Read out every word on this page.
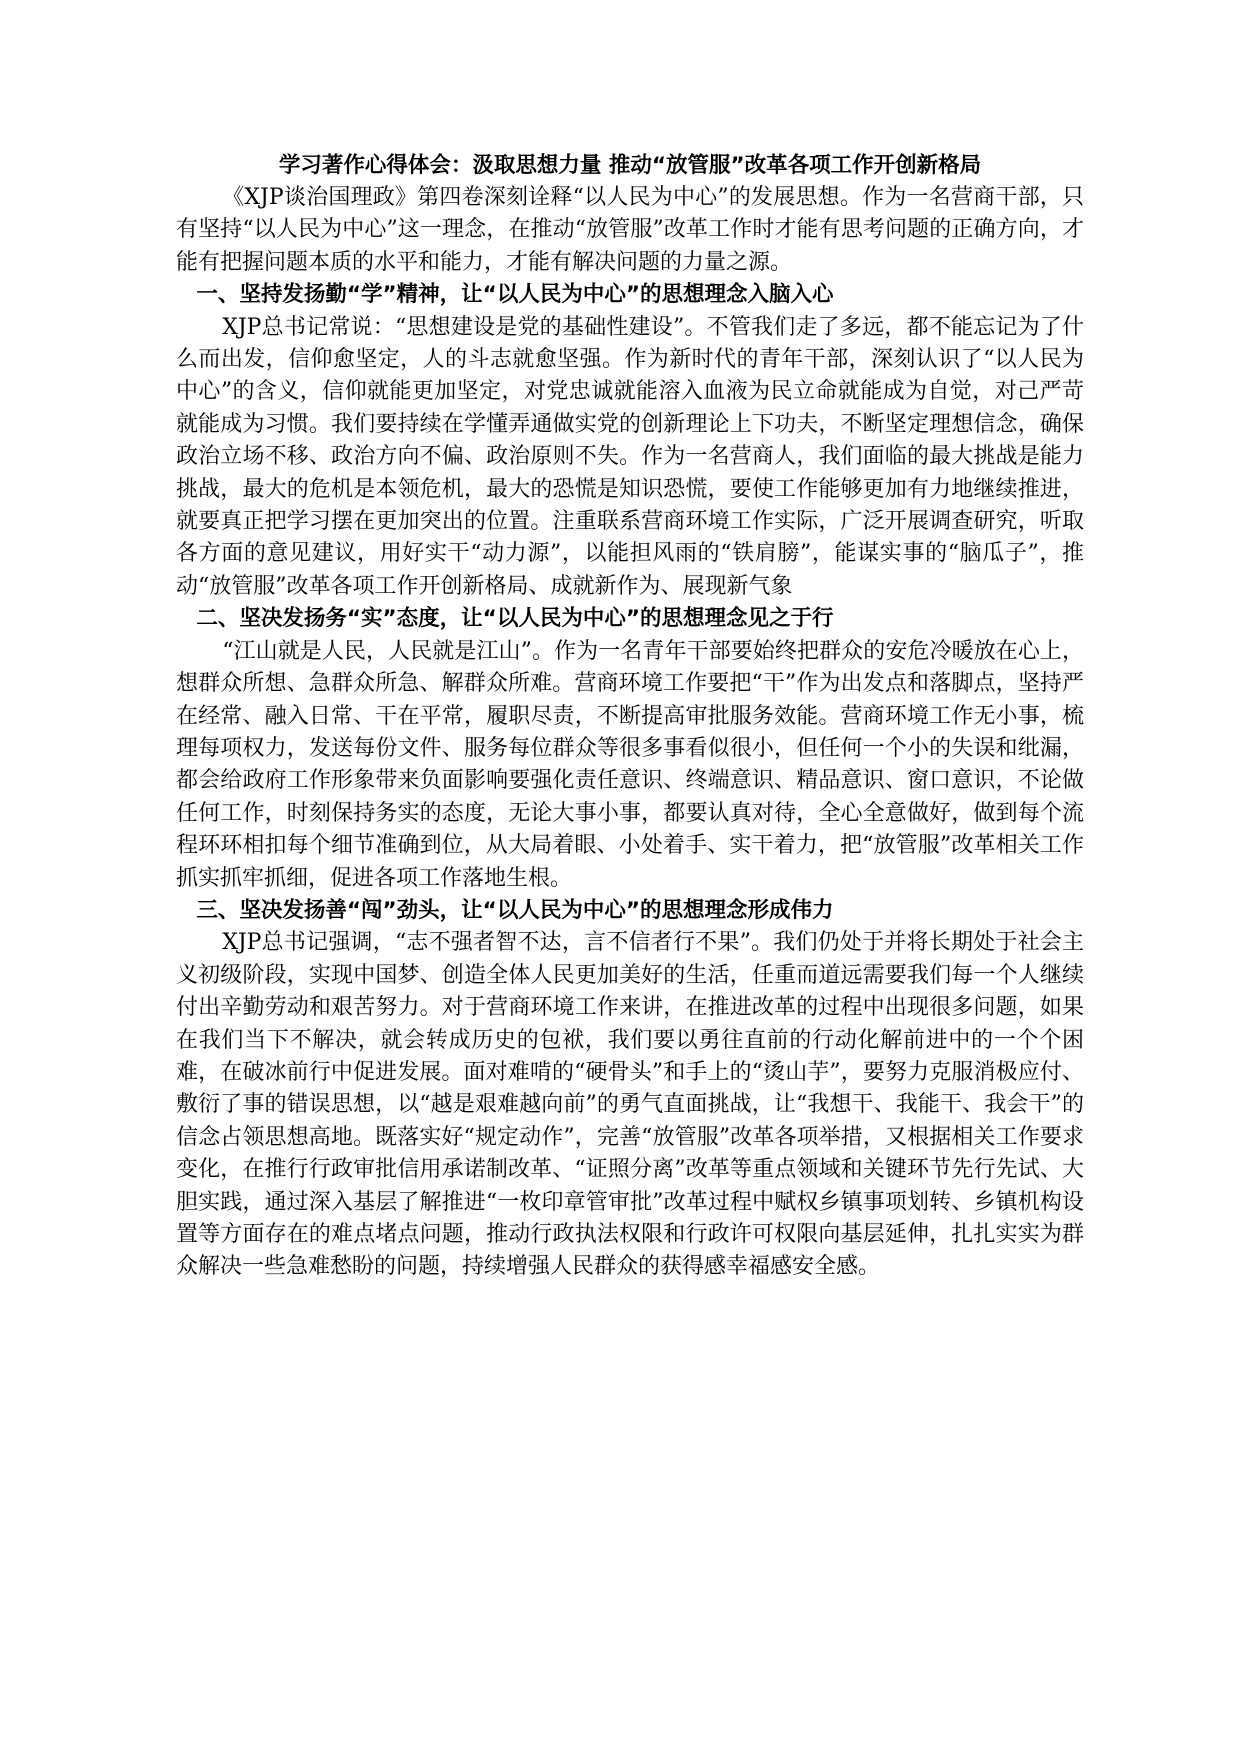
学习著作心得体会：汲取思想力量 推动“放管服”改革各项工作开创新格局

《XJP谈治国理政》第四卷深刻诠释“以人民为中心”的发展思想。作为一名营商干部，只有坚持“以人民为中心”这一理念，在推动“放管服”改革工作时才能有思考问题的正确方向，才能有把握问题本质的水平和能力，才能有解决问题的力量之源。

一、坚持发扬勤“学”精神，让“以人民为中心”的思想理念入脑入心

XJP总书记常说：“思想建设是党的基础性建设”。不管我们走了多远，都不能忘记为了什么而出发，信仰愈坚定，人的斗志就愈坚强。作为新时代的青年干部，深刻认识了“以人民为中心”的含义，信仰就能更加坚定，对党忠诚就能溶入血液为民立命就能成为自觉，对己严苛就能成为习惯。我们要持续在学懂弄通做实党的创新理论上下功夫，不断坚定理想信念，确保政治立场不移、政治方向不偏、政治原则不失。作为一名营商人，我们面临的最大挑战是能力挑战，最大的危机是本领危机，最大的恐慌是知识恐慌，要使工作能够更加有力地继续推进，就要真正把学习摆在更加突出的位置。注重联系营商环境工作实际，广泛开展调查研究，听取各方面的意见建议，用好实干“动力源”，以能担风雨的“铁肩膀”，能谋实事的“脑瓜子”，推动“放管服”改革各项工作开创新格局、成就新作为、展现新气象

二、坚决发扬务“实”态度，让“以人民为中心”的思想理念见之于行

“江山就是人民，人民就是江山”。作为一名青年干部要始终把群众的安危冷暖放在心上，想群众所想、急群众所急、解群众所难。营商环境工作要把“干”作为出发点和落脚点，坚持严在经常、融入日常、干在平常，履职尽责，不断提高审批服务效能。营商环境工作无小事，梳理每项权力，发送每份文件、服务每位群众等很多事看似很小，但任何一个小的失误和纰漏，都会给政府工作形象带来负面影响要强化责任意识、终端意识、精品意识、窗口意识，不论做任何工作，时刻保持务实的态度，无论大事小事，都要认真对待，全心全意做好，做到每个流程环环相扣每个细节准确到位，从大局着眼、小处着手、实干着力，把“放管服”改革相关工作抓实抓牢抓细，促进各项工作落地生根。

三、坚决发扬善“闯”劲头，让“以人民为中心”的思想理念形成伟力

XJP总书记强调，“志不强者智不达，言不信者行不果”。我们仍处于并将长期处于社会主义初级阶段，实现中国梦、创造全体人民更加美好的生活，任重而道远需要我们每一个人继续付出辛勤劳动和艰苦努力。对于营商环境工作来讲，在推进改革的过程中出现很多问题，如果在我们当下不解决，就会转成历史的包袱，我们要以勇往直前的行动化解前进中的一个个困难，在破冰前行中促进发展。面对难啃的“硬骨头”和手上的“烫山芋”，要努力克服消极应付、敷衍了事的错误思想，以“越是艰难越向前”的勇气直面挑战，让“我想干、我能干、我会干”的信念占领思想高地。既落实好“规定动作”，完善“放管服”改革各项举措，又根据相关工作要求变化，在推行行政审批信用承诺制改革、“证照分离”改革等重点领域和关键环节先行先试、大胆实践，通过深入基层了解推进“一枚印章管审批”改革过程中赋权乡镇事项划转、乡镇机构设置等方面存在的难点堵点问题，推动行政执法权限和行政许可权限向基层延伸，扎扎实实为群众解决一些急难愁盼的问题，持续增强人民群众的获得感幸福感安全感。
